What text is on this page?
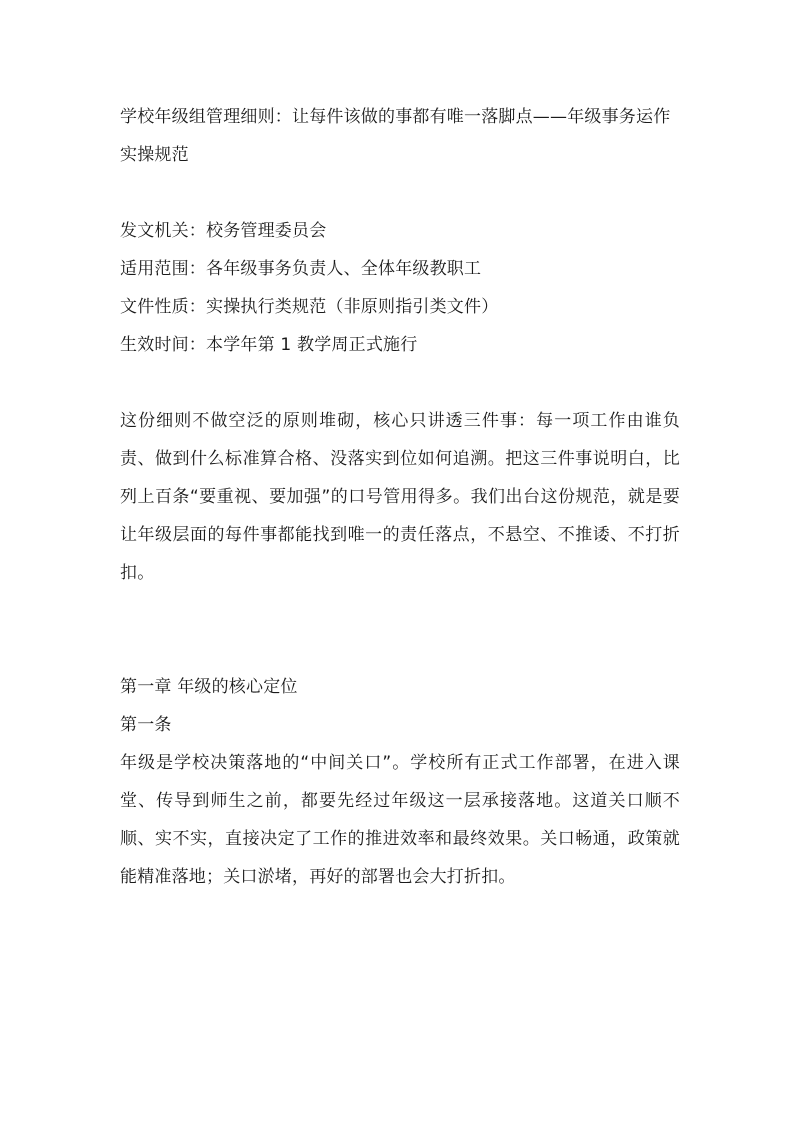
学校年级组管理细则：让每件该做的事都有唯一落脚点——年级事务运作实操规范

发文机关：校务管理委员会

适用范围：各年级事务负责人、全体年级教职工

文件性质：实操执行类规范（非原则指引类文件）

生效时间：本学年第 1 教学周正式施行

这份细则不做空泛的原则堆砌，核心只讲透三件事：每一项工作由谁负责、做到什么标准算合格、没落实到位如何追溯。把这三件事说明白，比列上百条“要重视、要加强”的口号管用得多。我们出台这份规范，就是要让年级层面的每件事都能找到唯一的责任落点，不悬空、不推诿、不打折扣。

第一章 年级的核心定位

第一条

年级是学校决策落地的“中间关口”。学校所有正式工作部署，在进入课堂、传导到师生之前，都要先经过年级这一层承接落地。这道关口顺不顺、实不实，直接决定了工作的推进效率和最终效果。关口畅通，政策就能精准落地；关口淤堵，再好的部署也会大打折扣。
